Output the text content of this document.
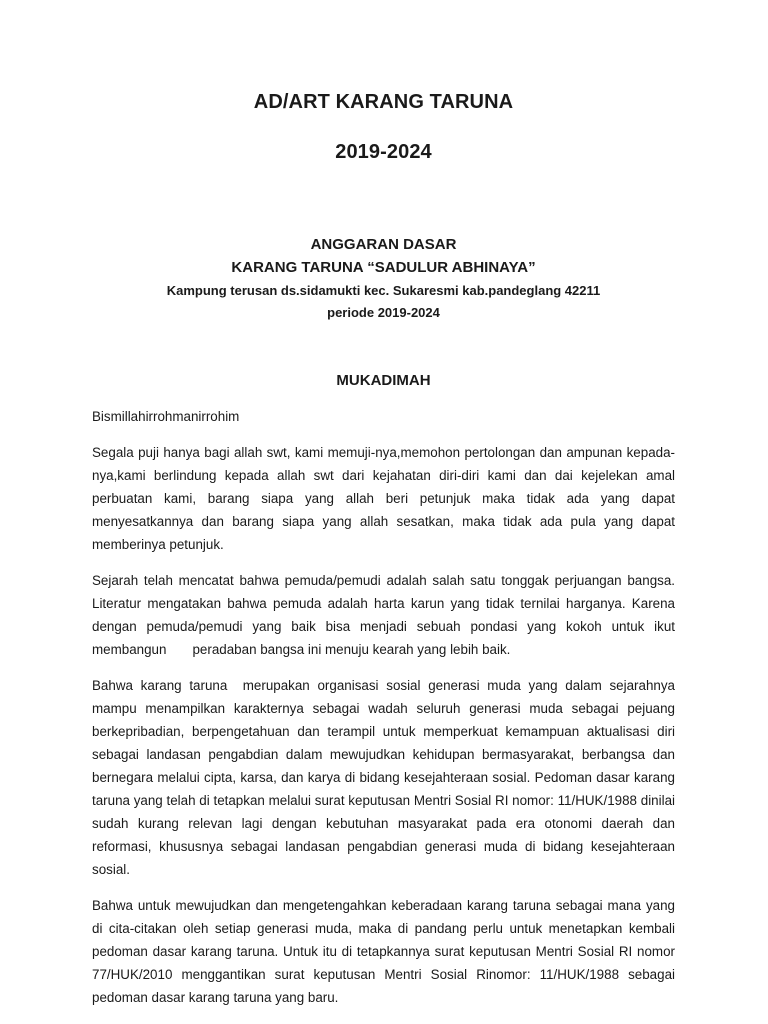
AD/ART KARANG TARUNA
2019-2024

ANGGARAN DASAR

KARANG TARUNA “SADULUR ABHINAYA”

Kampung terusan ds.sidamukti kec. Sukaresmi kab.pandeglang 42211

periode 2019-2024

MUKADIMAH

Bismillahirrohmanirrohim

Segala puji hanya bagi allah swt, kami memuji-nya,memohon pertolongan dan ampunan kepada-nya,kami berlindung kepada allah swt dari kejahatan diri-diri kami dan dai kejelekan amal perbuatan kami, barang siapa yang allah beri petunjuk maka tidak ada yang dapat menyesatkannya dan barang siapa yang allah sesatkan, maka tidak ada pula yang dapat memberinya petunjuk.

Sejarah telah mencatat bahwa pemuda/pemudi adalah salah satu tonggak perjuangan bangsa. Literatur mengatakan bahwa pemuda adalah harta karun yang tidak ternilai harganya. Karena dengan pemuda/pemudi yang baik bisa menjadi sebuah pondasi yang kokoh untuk ikut membangun       peradaban bangsa ini menuju kearah yang lebih baik.

Bahwa karang taruna  merupakan organisasi sosial generasi muda yang dalam sejarahnya mampu menampilkan karakternya sebagai wadah seluruh generasi muda sebagai pejuang berkepribadian, berpengetahuan dan terampil untuk memperkuat kemampuan aktualisasi diri sebagai landasan pengabdian dalam mewujudkan kehidupan bermasyarakat, berbangsa dan bernegara melalui cipta, karsa, dan karya di bidang kesejahteraan sosial. Pedoman dasar karang taruna yang telah di tetapkan melalui surat keputusan Mentri Sosial RI nomor: 11/HUK/1988 dinilai sudah kurang relevan lagi dengan kebutuhan masyarakat pada era otonomi daerah dan reformasi, khususnya sebagai landasan pengabdian generasi muda di bidang kesejahteraan sosial.

Bahwa untuk mewujudkan dan mengetengahkan keberadaan karang taruna sebagai mana yang di cita-citakan oleh setiap generasi muda, maka di pandang perlu untuk menetapkan kembali pedoman dasar karang taruna. Untuk itu di tetapkannya surat keputusan Mentri Sosial RI nomor  77/HUK/2010 menggantikan surat keputusan Mentri Sosial Rinomor: 11/HUK/1988 sebagai pedoman dasar karang taruna yang baru.
